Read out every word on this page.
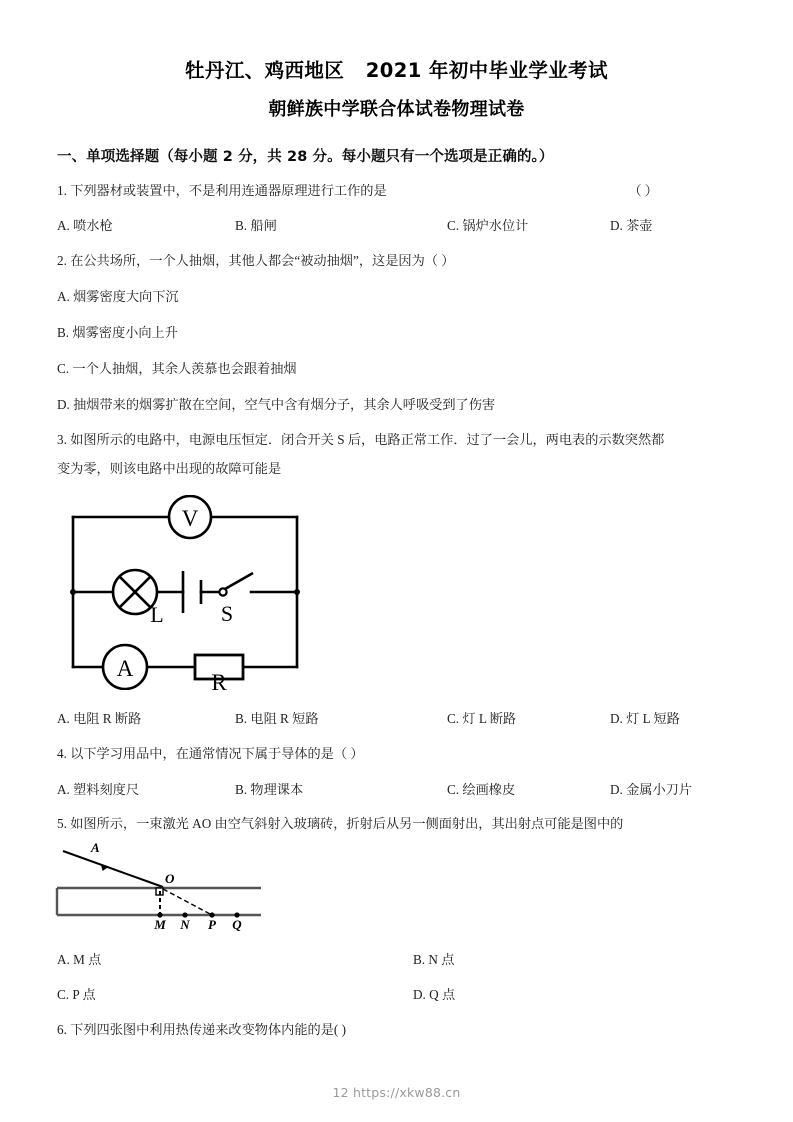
牡丹江、鸡西地区   2021 年初中毕业学业考试
朝鲜族中学联合体试卷物理试卷
一、单项选择题（每小题 2 分，共 28 分。每小题只有一个选项是正确的。）
1. 下列器材或装置中，不是利用连通器原理进行工作的是	（ ）
A. 喷水枪	B. 船闸	C. 锅炉水位计	D. 茶壶
2. 在公共场所，一个人抽烟，其他人都会“被动抽烟”，这是因为（ ）
A. 烟雾密度大向下沉
B. 烟雾密度小向上升
C. 一个人抽烟，其余人羡慕也会跟着抽烟
D. 抽烟带来的烟雾扩散在空间，空气中含有烟分子，其余人呼吸受到了伤害
3. 如图所示的电路中，电源电压恒定．闭合开关 S 后，电路正常工作．过了一会儿，两电表的示数突然都
变为零，则该电路中出现的故障可能是
V
L	S
A
R
A. 电阻 R 断路	B. 电阻 R 短路	C. 灯 L 断路	D. 灯 L 短路
4. 以下学习用品中，在通常情况下属于导体的是（ ）
A. 塑料刻度尺	B. 物理课本	C. 绘画橡皮	D. 金属小刀片
5. 如图所示，一束激光 AO 由空气斜射入玻璃砖，折射后从另一侧面射出，其出射点可能是图中的
A
O
M N P Q
A. M 点	B. N 点
C. P 点	D. Q 点
6. 下列四张图中利用热传递来改变物体内能的是( )
12 https://xkw88.cn
